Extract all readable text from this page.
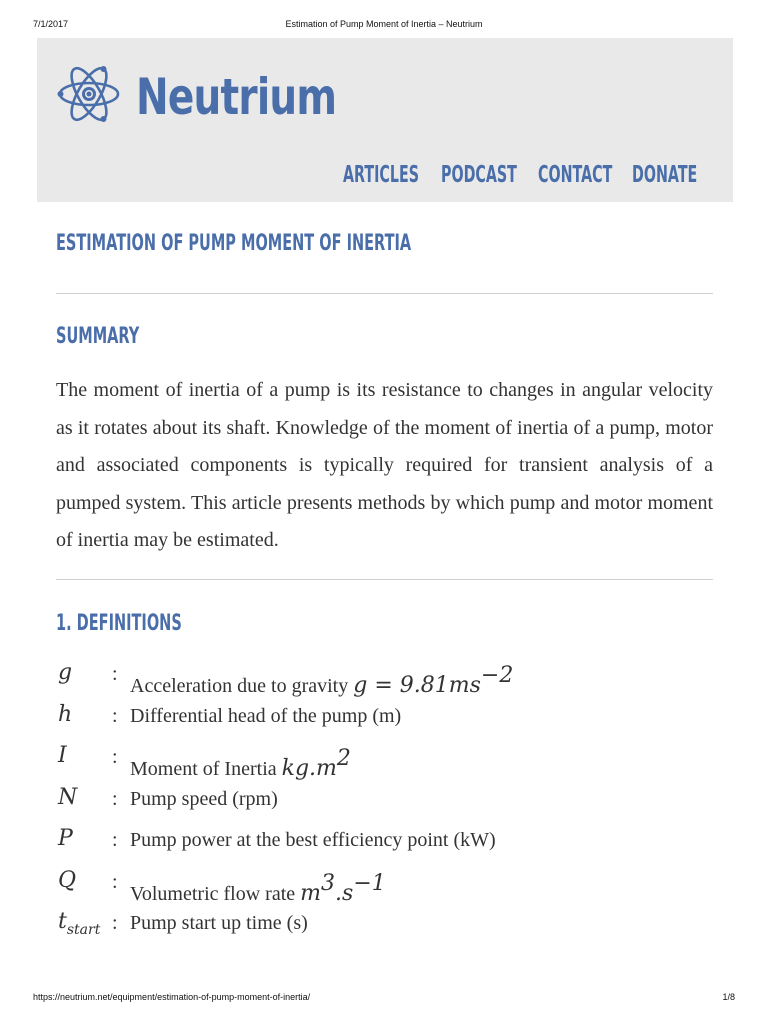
7/1/2017	Estimation of Pump Moment of Inertia – Neutrium
Neutrium
ARTICLES PODCAST CONTACT DONATE
ESTIMATION OF PUMP MOMENT OF INERTIA
SUMMARY

The moment of inertia of a pump is its resistance to changes in angular velocity as it rotates about its shaft. Knowledge of the moment of inertia of a pump, motor and associated components is typically required for transient analysis of a pumped system. This article presents methods by which pump and motor moment of inertia may be estimated.

1. DEFINITIONS
g :
Acceleration due to gravity $g = 9.81ms^{-2}$
h : Differential head of the pump (m)
I :
Moment of Inertia $kg.m^2$
N : Pump speed (rpm)
P : Pump power at the best efficiency point (kW)
Q :
Volumetric flow rate $m^3.s^{-1}$
$t_{start}$ : Pump start up time (s)
https://neutrium.net/equipment/estimation-of-pump-moment-of-inertia/	1/8
